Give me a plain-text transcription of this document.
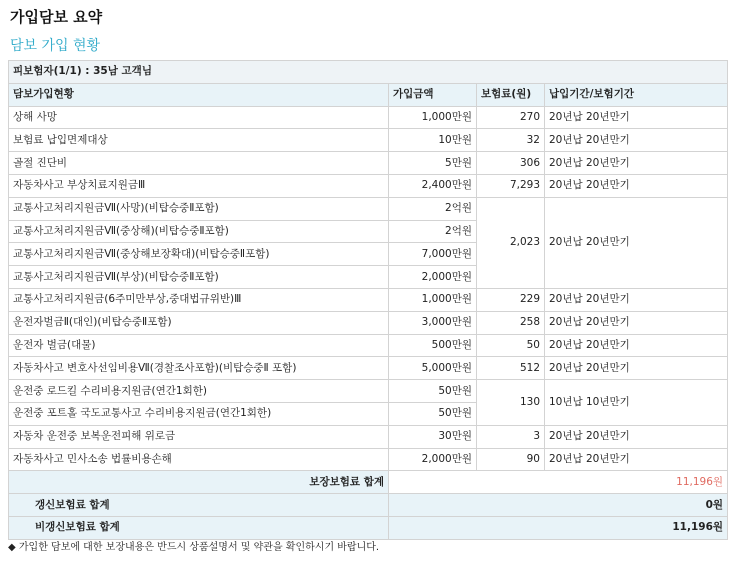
가입담보 요약
담보 가입 현황
피보험자(1/1) : 35남 고객님			
담보가입현황	가입금액	보험료(원)	납입기간/보험기간
상해 사망	1,000만원	270	20년납 20년만기
보험료 납입면제대상	10만원	32	20년납 20년만기
골절 진단비	5만원	306	20년납 20년만기
자동차사고 부상치료지원금Ⅲ	2,400만원	7,293	20년납 20년만기
교통사고처리지원금Ⅶ(사망)(비탑승중Ⅱ포함)	2억원	2,023	20년납 20년만기
교통사고처리지원금Ⅶ(중상해)(비탑승중Ⅱ포함)	2억원		
교통사고처리지원금Ⅶ(중상해보장확대)(비탑승중Ⅱ포함)	7,000만원		
교통사고처리지원금Ⅶ(부상)(비탑승중Ⅱ포함)	2,000만원		
교통사고처리지원금(6주미만부상,중대법규위반)Ⅲ	1,000만원	229	20년납 20년만기
운전자벌금Ⅱ(대인)(비탑승중Ⅱ포함)	3,000만원	258	20년납 20년만기
운전자 벌금(대물)	500만원	50	20년납 20년만기
자동차사고 변호사선임비용Ⅶ(경찰조사포함)(비탑승중Ⅱ 포함)	5,000만원	512	20년납 20년만기
운전중 로드킬 수리비용지원금(연간1회한)	50만원	130	10년납 10년만기
운전중 포트홀 국도교통사고 수리비용지원금(연간1회한)	50만원		
자동차 운전중 보복운전피해 위로금	30만원	3	20년납 20년만기
자동차사고 민사소송 법률비용손해	2,000만원	90	20년납 20년만기
보장보험료 합계	11,196원		
갱신보험료 합계	0원		
비갱신보험료 합계	11,196원		
◆ 가입한 담보에 대한 보장내용은 반드시 상품설명서 및 약관을 확인하시기 바랍니다.
